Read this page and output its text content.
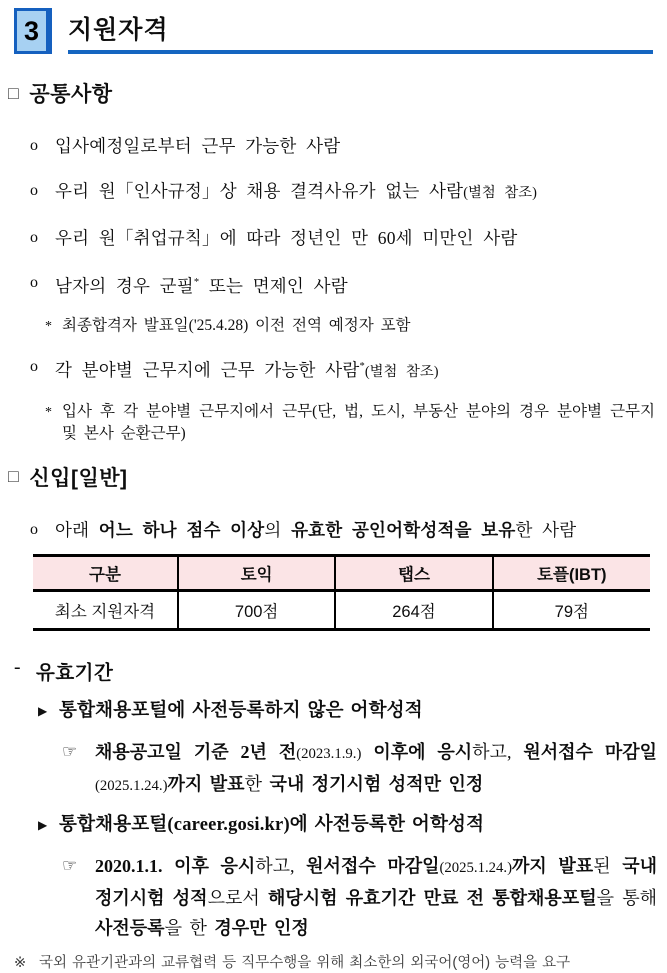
3 지원자격
□ 공통사항
o 입사예정일로부터 근무 가능한 사람
o 우리 원「인사규정」상 채용 결격사유가 없는 사람(별첨 참조)
o 우리 원「취업규칙」에 따라 정년인 만 60세 미만인 사람
o 남자의 경우 군필* 또는 면제인 사람
* 최종합격자 발표일('25.4.28) 이전 전역 예정자 포함
o 각 분야별 근무지에 근무 가능한 사람*(별첨 참조)
* 입사 후 각 분야별 근무지에서 근무(단, 법, 도시, 부동산 분야의 경우 분야별 근무지 및 본사 순환근무)
□ 신입[일반]
o 아래 어느 하나 점수 이상의 유효한 공인어학성적을 보유한 사람
구분	토익	탭스	토플(IBT)
최소 지원자격	700점	264점	79점
- 유효기간
▶ 통합채용포털에 사전등록하지 않은 어학성적
☞ 채용공고일 기준 2년 전(2023.1.9.) 이후에 응시하고, 원서접수 마감일(2025.1.24.)까지 발표한 국내 정기시험 성적만 인정
▶ 통합채용포털(career.gosi.kr)에 사전등록한 어학성적
☞ 2020.1.1. 이후 응시하고, 원서접수 마감일(2025.1.24.)까지 발표된 국내 정기시험 성적으로서 해당시험 유효기간 만료 전 통합채용포털을 통해 사전등록을 한 경우만 인정
※ 국외 유관기관과의 교류협력 등 직무수행을 위해 최소한의 외국어(영어) 능력을 요구
